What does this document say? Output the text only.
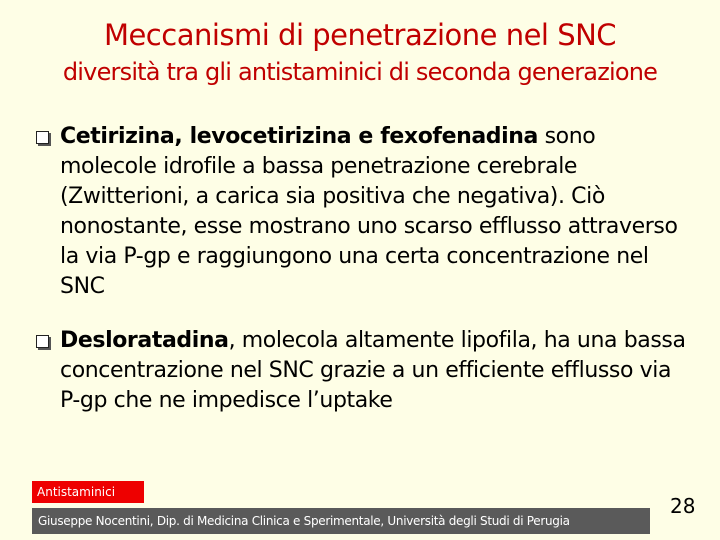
Meccanismi di penetrazione nel SNC
diversità tra gli antistaminici di seconda generazione
Cetirizina, levocetirizina e fexofenadina sono molecole idrofile a bassa penetrazione cerebrale (Zwitterioni, a carica sia positiva che negativa). Ciò nonostante, esse mostrano uno scarso efflusso attraverso la via P-gp e raggiungono una certa concentrazione nel SNC
Desloratadina, molecola altamente lipofila, ha una bassa concentrazione nel SNC grazie a un efficiente efflusso via P-gp che ne impedisce l’uptake
Antistaminici
Giuseppe Nocentini, Dip. di Medicina Clinica e Sperimentale, Università degli Studi di Perugia
28
